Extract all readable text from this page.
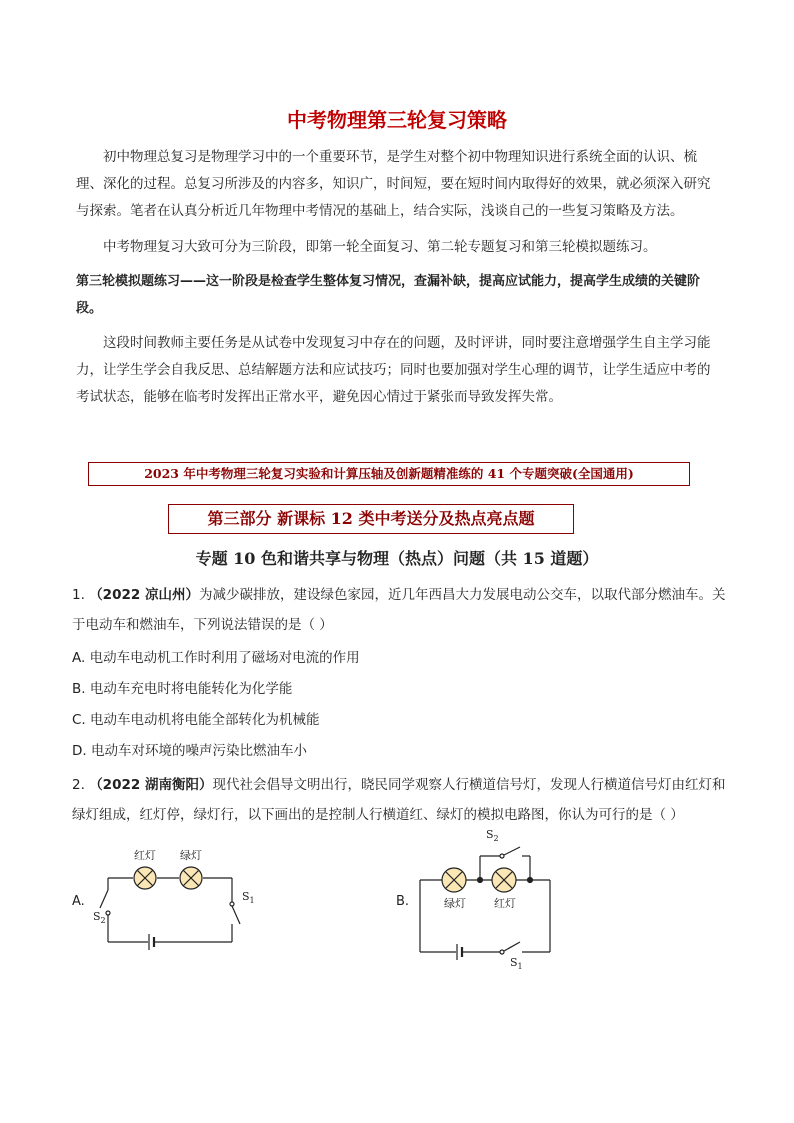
中考物理第三轮复习策略
初中物理总复习是物理学习中的一个重要环节，是学生对整个初中物理知识进行系统全面的认识、梳理、深化的过程。总复习所涉及的内容多，知识广，时间短，要在短时间内取得好的效果，就必须深入研究与探索。笔者在认真分析近几年物理中考情况的基础上，结合实际，浅谈自己的一些复习策略及方法。
中考物理复习大致可分为三阶段，即第一轮全面复习、第二轮专题复习和第三轮模拟题练习。
第三轮模拟题练习——这一阶段是检查学生整体复习情况，查漏补缺，提高应试能力，提高学生成绩的关键阶段。
这段时间教师主要任务是从试卷中发现复习中存在的问题，及时评讲，同时要注意增强学生自主学习能力，让学生学会自我反思、总结解题方法和应试技巧；同时也要加强对学生心理的调节，让学生适应中考的考试状态，能够在临考时发挥出正常水平，避免因心情过于紧张而导致发挥失常。
2023 年中考物理三轮复习实验和计算压轴及创新题精准练的 41 个专题突破(全国通用)
第三部分 新课标 12 类中考送分及热点亮点题
专题 10 色和谐共享与物理（热点）问题（共 15 道题）
1. （2022 凉山州）为减少碳排放，建设绿色家园，近几年西昌大力发展电动公交车，以取代部分燃油车。关于电动车和燃油车，下列说法错误的是（ ）
A. 电动车电动机工作时利用了磁场对电流的作用
B. 电动车充电时将电能转化为化学能
C. 电动车电动机将电能全部转化为机械能
D. 电动车对环境的噪声污染比燃油车小
2. （2022 湖南衡阳）现代社会倡导文明出行，晓民同学观察人行横道信号灯，发现人行横道信号灯由红灯和绿灯组成，红灯停，绿灯行，以下画出的是控制人行横道红、绿灯的模拟电路图，你认为可行的是（ ）
A.
红灯 绿灯
$S_2$
$S_1$	B.	绿灯	红灯
$S_2$
$S_1$
